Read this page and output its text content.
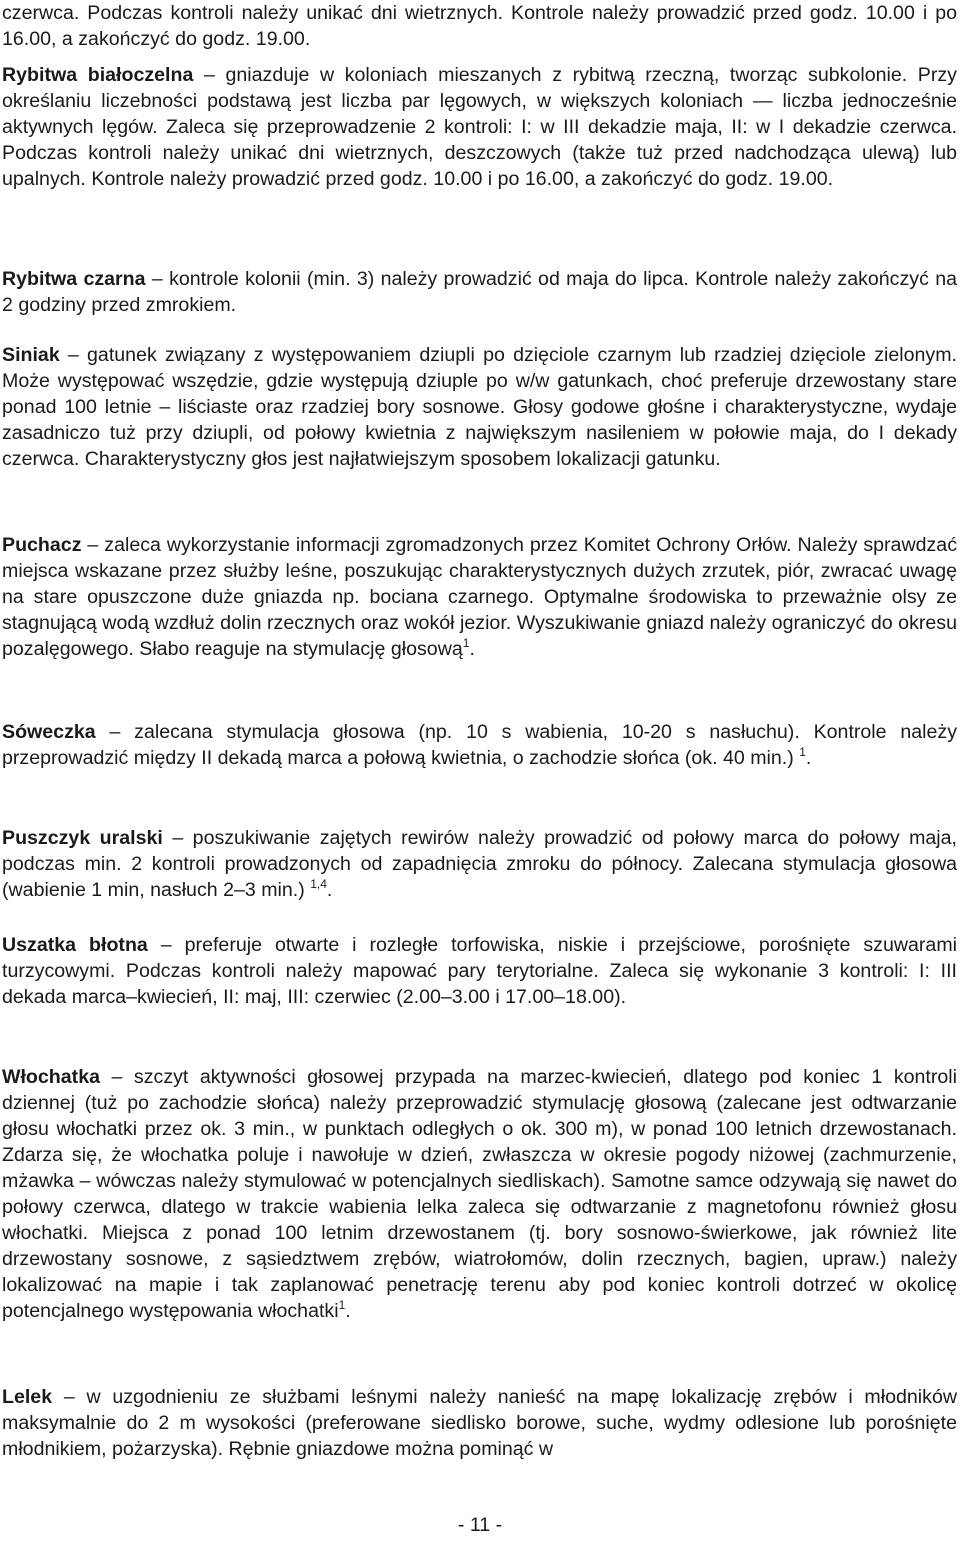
czerwca. Podczas kontroli należy unikać dni wietrznych. Kontrole należy prowadzić przed godz. 10.00 i po 16.00, a zakończyć do godz. 19.00.

Rybitwa białoczelna – gniazduje w koloniach mieszanych z rybitwą rzeczną, tworząc subkolonie. Przy określaniu liczebności podstawą jest liczba par lęgowych, w większych koloniach — liczba jednocześnie aktywnych lęgów. Zaleca się przeprowadzenie 2 kontroli: I: w III dekadzie maja, II: w I dekadzie czerwca. Podczas kontroli należy unikać dni wietrznych, deszczowych (także tuż przed nadchodząca ulewą) lub upalnych. Kontrole należy prowadzić przed godz. 10.00 i po 16.00, a zakończyć do godz. 19.00.

Rybitwa czarna – kontrole kolonii (min. 3) należy prowadzić od maja do lipca. Kontrole należy zakończyć na 2 godziny przed zmrokiem.

Siniak – gatunek związany z występowaniem dziupli po dzięciole czarnym lub rzadziej dzięciole zielonym. Może występować wszędzie, gdzie występują dziuple po w/w gatunkach, choć preferuje drzewostany stare ponad 100 letnie – liściaste oraz rzadziej bory sosnowe. Głosy godowe głośne i charakterystyczne, wydaje zasadniczo tuż przy dziupli, od połowy kwietnia z największym nasileniem w połowie maja, do I dekady czerwca. Charakterystyczny głos jest najłatwiejszym sposobem lokalizacji gatunku.

Puchacz – zaleca wykorzystanie informacji zgromadzonych przez Komitet Ochrony Orłów. Należy sprawdzać miejsca wskazane przez służby leśne, poszukując charakterystycznych dużych zrzutek, piór, zwracać uwagę na stare opuszczone duże gniazda np. bociana czarnego. Optymalne środowiska to przeważnie olsy ze stagnującą wodą wzdłuż dolin rzecznych oraz wokół jezior. Wyszukiwanie gniazd należy ograniczyć do okresu pozalęgowego. Słabo reaguje na stymulację głosową$^1$.

Sóweczka – zalecana stymulacja głosowa (np. 10 s wabienia, 10-20 s nasłuchu). Kontrole należy przeprowadzić między II dekadą marca a połową kwietnia, o zachodzie słońca (ok. 40 min.) $^1$.

Puszczyk uralski – poszukiwanie zajętych rewirów należy prowadzić od połowy marca do połowy maja, podczas min. 2 kontroli prowadzonych od zapadnięcia zmroku do północy. Zalecana stymulacja głosowa (wabienie 1 min, nasłuch 2–3 min.) $^{1,4}$.

Uszatka błotna – preferuje otwarte i rozległe torfowiska, niskie i przejściowe, porośnięte szuwarami turzycowymi. Podczas kontroli należy mapować pary terytorialne. Zaleca się wykonanie 3 kontroli: I: III dekada marca–kwiecień, II: maj, III: czerwiec (2.00–3.00 i 17.00–18.00).

Włochatka – szczyt aktywności głosowej przypada na marzec-kwiecień, dlatego pod koniec 1 kontroli dziennej (tuż po zachodzie słońca) należy przeprowadzić stymulację głosową (zalecane jest odtwarzanie głosu włochatki przez ok. 3 min., w punktach odległych o ok. 300 m), w ponad 100 letnich drzewostanach. Zdarza się, że włochatka poluje i nawołuje w dzień, zwłaszcza w okresie pogody niżowej (zachmurzenie, mżawka – wówczas należy stymulować w potencjalnych siedliskach). Samotne samce odzywają się nawet do połowy czerwca, dlatego w trakcie wabienia lelka zaleca się odtwarzanie z magnetofonu również głosu włochatki. Miejsca z ponad 100 letnim drzewostanem (tj. bory sosnowo-świerkowe, jak również lite drzewostany sosnowe, z sąsiedztwem zrębów, wiatrołomów, dolin rzecznych, bagien, upraw.) należy lokalizować na mapie i tak zaplanować penetrację terenu aby pod koniec kontroli dotrzeć w okolicę potencjalnego występowania włochatki$^1$.

Lelek – w uzgodnieniu ze służbami leśnymi należy nanieść na mapę lokalizację zrębów i młodników maksymalnie do 2 m wysokości (preferowane siedlisko borowe, suche, wydmy odlesione lub porośnięte młodnikiem, pożarzyska). Rębnie gniazdowe można pominąć w

- 11 -
